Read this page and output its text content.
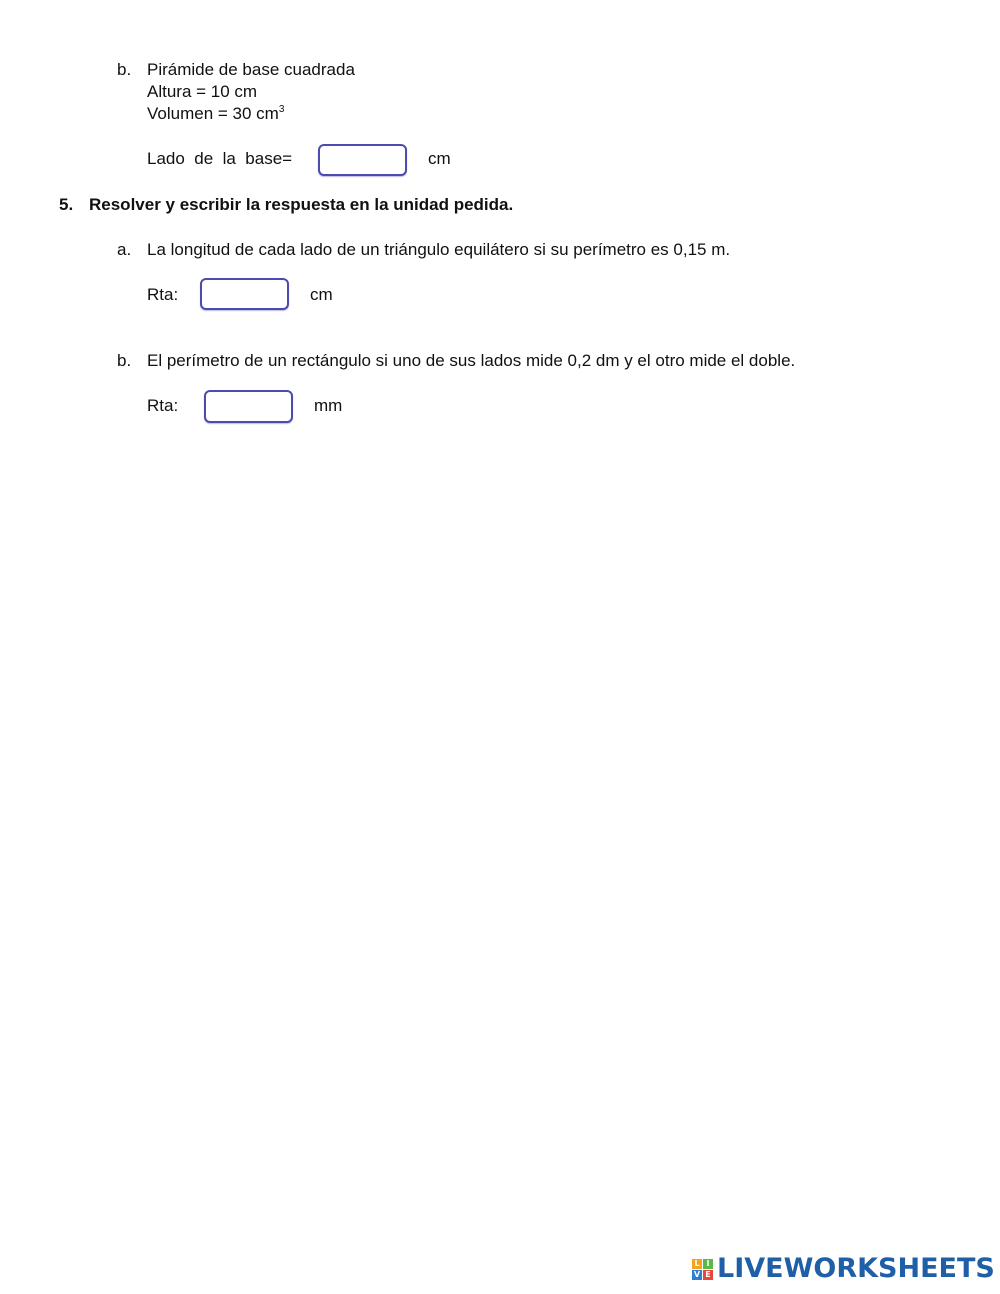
b. Pirámide de base cuadrada
Altura = 10 cm
Volumen = 30 $cm^3$
Lado  de  la  base=	cm
5. Resolver y escribir la respuesta en la unidad pedida.
a. La longitud de cada lado de un triángulo equilátero si su perímetro es 0,15 m.
Rta:	cm
b. El perímetro de un rectángulo si uno de sus lados mide 0,2 dm y el otro mide el doble.
Rta:	mm
L I
V E LIVEWORKSHEETS
